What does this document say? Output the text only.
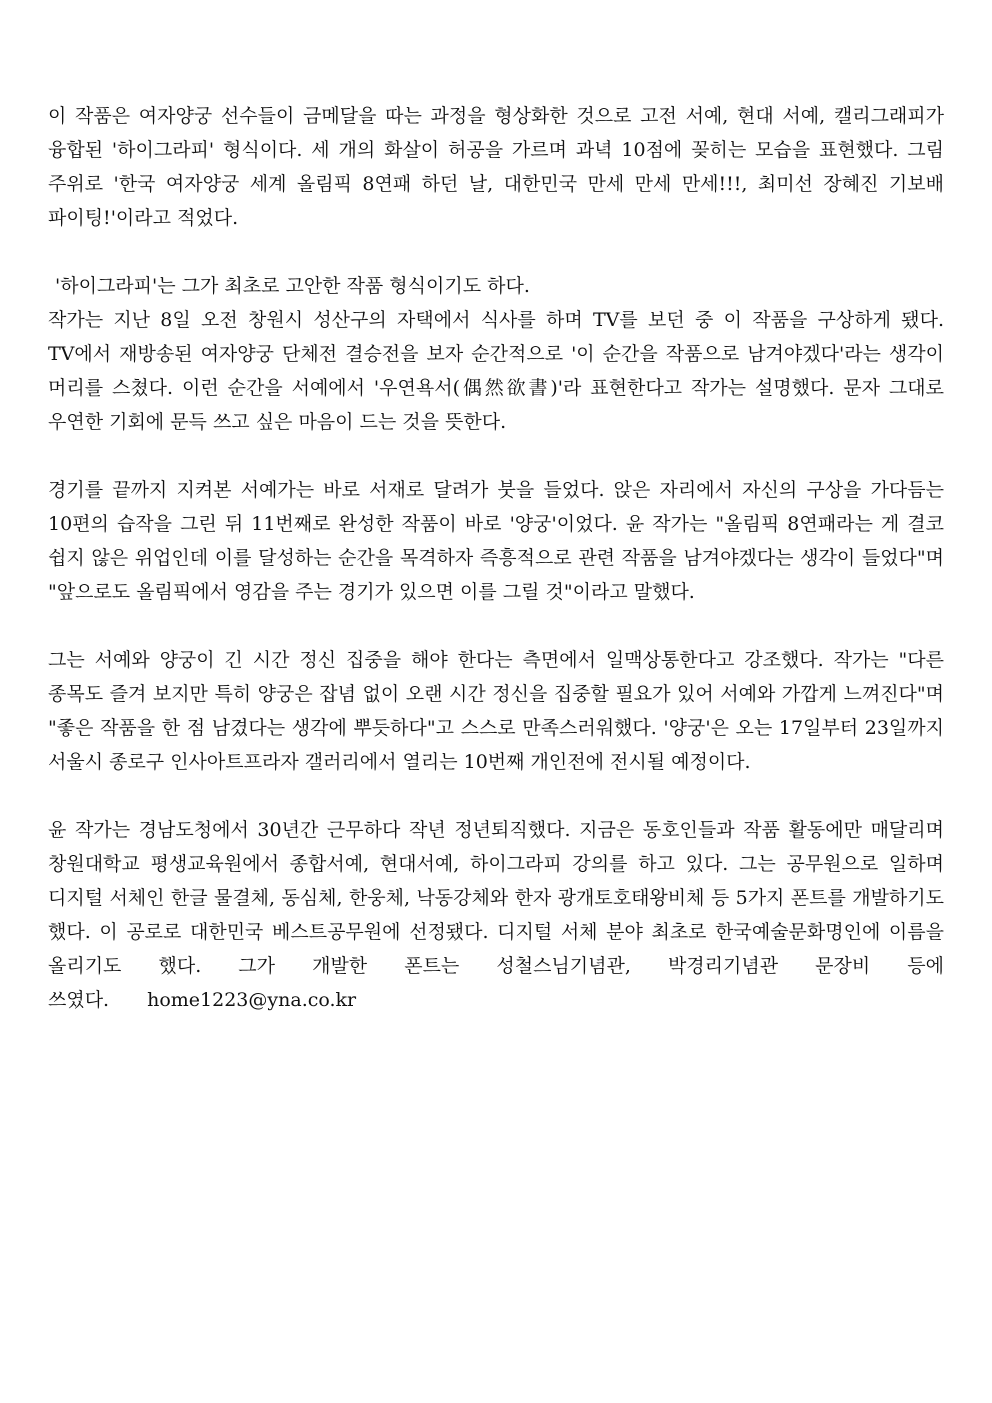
이 작품은 여자양궁 선수들이 금메달을 따는 과정을 형상화한 것으로 고전 서예, 현대 서예, 캘리그래피가 융합된 '하이그라피' 형식이다. 세 개의 화살이 허공을 가르며 과녁 10점에 꽂히는 모습을 표현했다. 그림 주위로 '한국 여자양궁 세계 올림픽 8연패 하던 날, 대한민국 만세 만세 만세!!!, 최미선 장혜진 기보배 파이팅!'이라고 적었다.

'하이그라피'는 그가 최초로 고안한 작품 형식이기도 하다.

작가는 지난 8일 오전 창원시 성산구의 자택에서 식사를 하며 TV를 보던 중 이 작품을 구상하게 됐다. TV에서 재방송된 여자양궁 단체전 결승전을 보자 순간적으로 '이 순간을 작품으로 남겨야겠다'라는 생각이 머리를 스쳤다. 이런 순간을 서예에서 '우연욕서(偶然欲書)'라 표현한다고 작가는 설명했다. 문자 그대로 우연한 기회에 문득 쓰고 싶은 마음이 드는 것을 뜻한다.

경기를 끝까지 지켜본 서예가는 바로 서재로 달려가 붓을 들었다. 앉은 자리에서 자신의 구상을 가다듬는 10편의 습작을 그린 뒤 11번째로 완성한 작품이 바로 '양궁'이었다. 윤 작가는 "올림픽 8연패라는 게 결코 쉽지 않은 위업인데 이를 달성하는 순간을 목격하자 즉흥적으로 관련 작품을 남겨야겠다는 생각이 들었다"며 "앞으로도 올림픽에서 영감을 주는 경기가 있으면 이를 그릴 것"이라고 말했다.

그는 서예와 양궁이 긴 시간 정신 집중을 해야 한다는 측면에서 일맥상통한다고 강조했다. 작가는 "다른 종목도 즐겨 보지만 특히 양궁은 잡념 없이 오랜 시간 정신을 집중할 필요가 있어 서예와 가깝게 느껴진다"며 "좋은 작품을 한 점 남겼다는 생각에 뿌듯하다"고 스스로 만족스러워했다. '양궁'은 오는 17일부터 23일까지 서울시 종로구 인사아트프라자 갤러리에서 열리는 10번째 개인전에 전시될 예정이다.

윤 작가는 경남도청에서 30년간 근무하다 작년 정년퇴직했다. 지금은 동호인들과 작품 활동에만 매달리며 창원대학교 평생교육원에서 종합서예, 현대서예, 하이그라피 강의를 하고 있다. 그는 공무원으로 일하며 디지털 서체인 한글 물결체, 동심체, 한웅체, 낙동강체와 한자 광개토호태왕비체 등 5가지 폰트를 개발하기도 했다. 이 공로로 대한민국 베스트공무원에 선정됐다. 디지털 서체 분야 최초로 한국예술문화명인에 이름을 올리기도 했다. 그가 개발한 폰트는 성철스님기념관, 박경리기념관 문장비 등에 쓰였다. home1223@yna.co.kr
